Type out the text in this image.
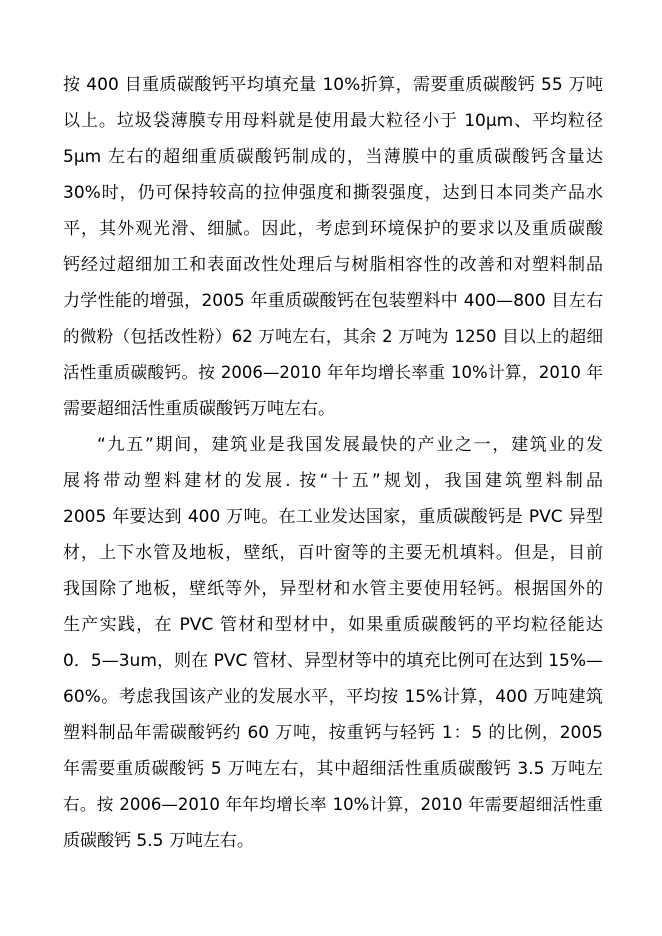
按 400 目重质碳酸钙平均填充量 10%折算，需要重质碳酸钙 55 万吨
以上。垃圾袋薄膜专用母料就是使用最大粒径小于 10μm、平均粒径
5μm 左右的超细重质碳酸钙制成的，当薄膜中的重质碳酸钙含量达
30%时，仍可保持较高的拉伸强度和撕裂强度，达到日本同类产品水
平，其外观光滑、细腻。因此，考虑到环境保护的要求以及重质碳酸
钙经过超细加工和表面改性处理后与树脂相容性的改善和对塑料制品
力学性能的增强，2005 年重质碳酸钙在包装塑料中 400—800 目左右
的微粉（包括改性粉）62 万吨左右，其余 2 万吨为 1250 目以上的超细
活性重质碳酸钙。按 2006—2010 年年均增长率重 10%计算，2010 年
需要超细活性重质碳酸钙万吨左右。
“九五”期间，建筑业是我国发展最快的产业之一，建筑业的发
展将带动塑料建材的发展. 按“十五”规划，我国建筑塑料制品
2005 年要达到 400 万吨。在工业发达国家，重质碳酸钙是 PVC 异型
材，上下水管及地板，壁纸，百叶窗等的主要无机填料。但是，目前
我国除了地板，壁纸等外，异型材和水管主要使用轻钙。根据国外的
生产实践，在 PVC 管材和型材中，如果重质碳酸钙的平均粒径能达
0．5—3um，则在 PVC 管材、异型材等中的填充比例可在达到 15%—
60%。考虑我国该产业的发展水平，平均按 15%计算，400 万吨建筑
塑料制品年需碳酸钙约 60 万吨，按重钙与轻钙 1：5 的比例，2005
年需要重质碳酸钙 5 万吨左右，其中超细活性重质碳酸钙 3.5 万吨左
右。按 2006—2010 年年均增长率 10%计算，2010 年需要超细活性重
质碳酸钙 5.5 万吨左右。
